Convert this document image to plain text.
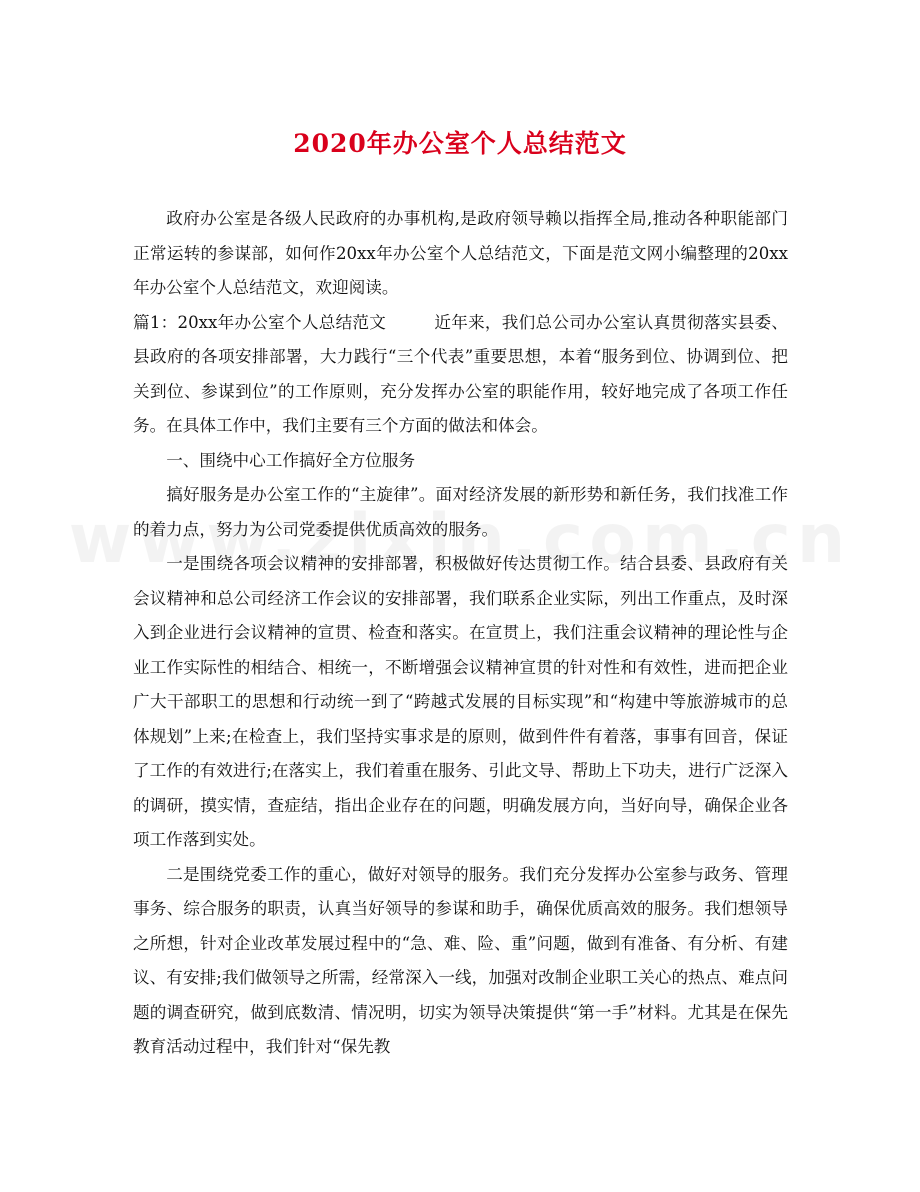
2020年办公室个人总结范文

政府办公室是各级人民政府的办事机构,是政府领导赖以指挥全局,推动各种职能部门正常运转的参谋部，如何作20xx年办公室个人总结范文，下面是范文网小编整理的20xx年办公室个人总结范文，欢迎阅读。

篇1：20xx年办公室个人总结范文	近年来，我们总公司办公室认真贯彻落实县委、县政府的各项安排部署，大力践行“三个代表”重要思想，本着“服务到位、协调到位、把关到位、参谋到位”的工作原则，充分发挥办公室的职能作用，较好地完成了各项工作任务。在具体工作中，我们主要有三个方面的做法和体会。

一、围绕中心工作搞好全方位服务

搞好服务是办公室工作的“主旋律”。面对经济发展的新形势和新任务，我们找准工作的着力点，努力为公司党委提供优质高效的服务。

一是围绕各项会议精神的安排部署，积极做好传达贯彻工作。结合县委、县政府有关会议精神和总公司经济工作会议的安排部署，我们联系企业实际，列出工作重点，及时深入到企业进行会议精神的宣贯、检查和落实。在宣贯上，我们注重会议精神的理论性与企业工作实际性的相结合、相统一，不断增强会议精神宣贯的针对性和有效性，进而把企业广大干部职工的思想和行动统一到了“跨越式发展的目标实现”和“构建中等旅游城市的总体规划”上来;在检查上，我们坚持实事求是的原则，做到件件有着落，事事有回音，保证了工作的有效进行;在落实上，我们着重在服务、引此文导、帮助上下功夫，进行广泛深入的调研，摸实情，查症结，指出企业存在的问题，明确发展方向，当好向导，确保企业各项工作落到实处。

二是围绕党委工作的重心，做好对领导的服务。我们充分发挥办公室参与政务、管理事务、综合服务的职责，认真当好领导的参谋和助手，确保优质高效的服务。我们想领导之所想，针对企业改革发展过程中的“急、难、险、重”问题，做到有准备、有分析、有建议、有安排;我们做领导之所需，经常深入一线，加强对改制企业职工关心的热点、难点问题的调查研究，做到底数清、情况明，切实为领导决策提供“第一手”材料。尤其是在保先教育活动过程中，我们针对“保先教
